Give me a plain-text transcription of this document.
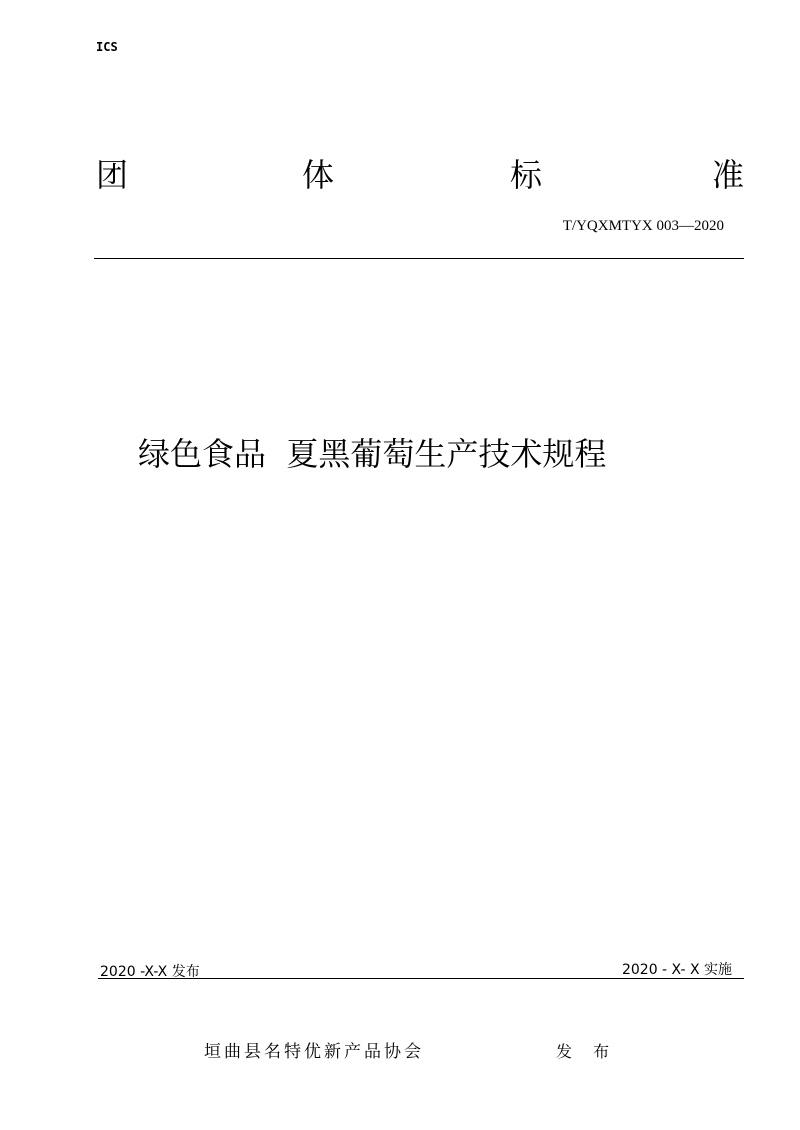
ICS
团	体	标	准
T/YQXMTYX 003—2020
绿色食品  夏黑葡萄生产技术规程
2020 -X-X 发布	2020 - X- X 实施
垣曲县名特优新产品协会	发 布
